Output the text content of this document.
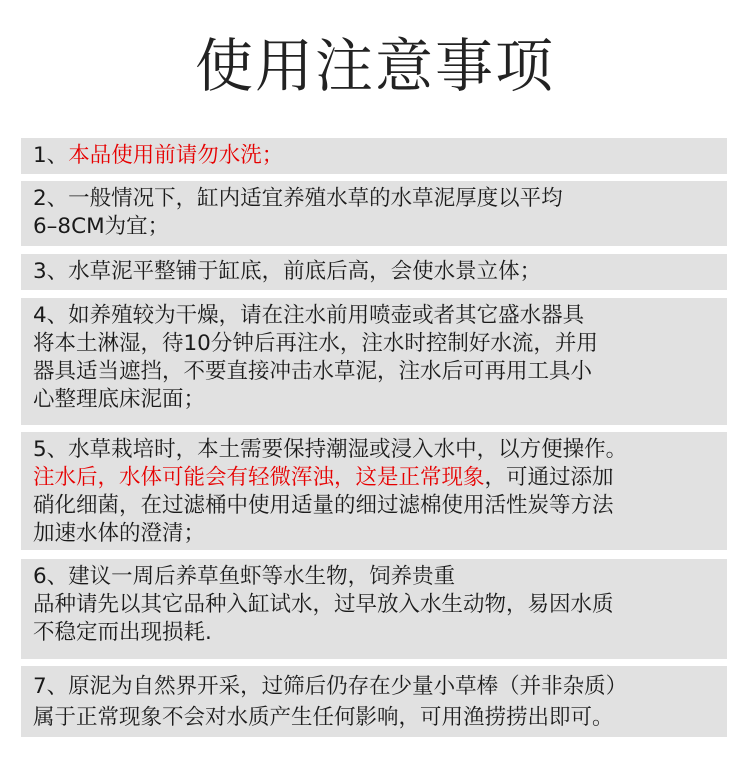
使用注意事项
1、本品使用前请勿水洗；
2、一般情况下，缸内适宜养殖水草的水草泥厚度以平均
6–8CM为宜；
3、水草泥平整铺于缸底，前底后高，会使水景立体；
4、如养殖较为干燥，请在注水前用喷壶或者其它盛水器具
将本土淋湿，待10分钟后再注水，注水时控制好水流，并用
器具适当遮挡，不要直接冲击水草泥，注水后可再用工具小
心整理底床泥面；
5、水草栽培时，本土需要保持潮湿或浸入水中，以方便操作。
注水后，水体可能会有轻微浑浊，这是正常现象，可通过添加
硝化细菌，在过滤桶中使用适量的细过滤棉使用活性炭等方法
加速水体的澄清；
6、建议一周后养草鱼虾等水生物，饲养贵重
品种请先以其它品种入缸试水，过早放入水生动物，易因水质
不稳定而出现损耗.
7、原泥为自然界开采，过筛后仍存在少量小草棒（并非杂质）
属于正常现象不会对水质产生任何影响，可用渔捞捞出即可。
